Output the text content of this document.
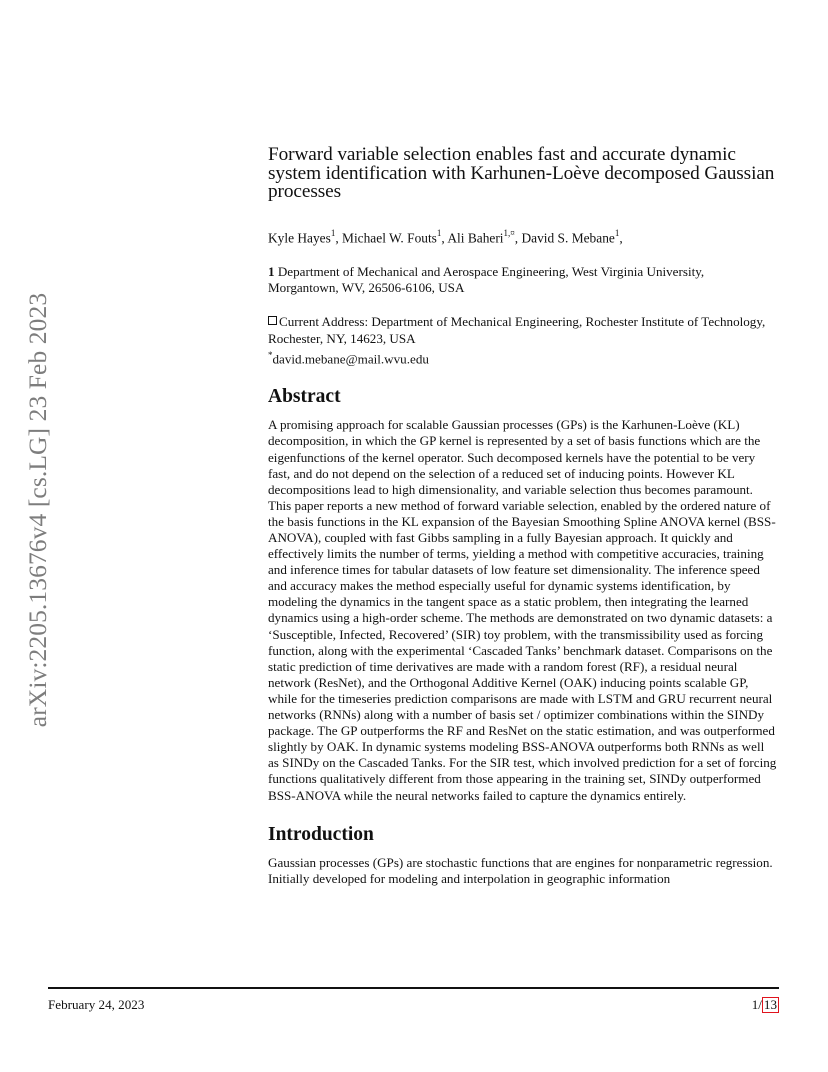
arXiv:2205.13676v4 [cs.LG] 23 Feb 2023
Forward variable selection enables fast and accurate dynamic system identification with Karhunen-Loève decomposed Gaussian processes
Kyle Hayes$^1$, Michael W. Fouts$^1$, Ali Baheri$^{1,¤}$, David S. Mebane$^1$,
1 Department of Mechanical and Aerospace Engineering, West Virginia University, Morgantown, WV, 26506-6106, USA
Current Address: Department of Mechanical Engineering, Rochester Institute of Technology, Rochester, NY, 14623, USA
*david.mebane@mail.wvu.edu
Abstract

A promising approach for scalable Gaussian processes (GPs) is the Karhunen-Loève (KL) decomposition, in which the GP kernel is represented by a set of basis functions which are the eigenfunctions of the kernel operator. Such decomposed kernels have the potential to be very fast, and do not depend on the selection of a reduced set of inducing points. However KL decompositions lead to high dimensionality, and variable selection thus becomes paramount. This paper reports a new method of forward variable selection, enabled by the ordered nature of the basis functions in the KL expansion of the Bayesian Smoothing Spline ANOVA kernel (BSS-ANOVA), coupled with fast Gibbs sampling in a fully Bayesian approach. It quickly and effectively limits the number of terms, yielding a method with competitive accuracies, training and inference times for tabular datasets of low feature set dimensionality. The inference speed and accuracy makes the method especially useful for dynamic systems identification, by modeling the dynamics in the tangent space as a static problem, then integrating the learned dynamics using a high-order scheme. The methods are demonstrated on two dynamic datasets: a ‘Susceptible, Infected, Recovered’ (SIR) toy problem, with the transmissibility used as forcing function, along with the experimental ‘Cascaded Tanks’ benchmark dataset. Comparisons on the static prediction of time derivatives are made with a random forest (RF), a residual neural network (ResNet), and the Orthogonal Additive Kernel (OAK) inducing points scalable GP, while for the timeseries prediction comparisons are made with LSTM and GRU recurrent neural networks (RNNs) along with a number of basis set / optimizer combinations within the SINDy package. The GP outperforms the RF and ResNet on the static estimation, and was outperformed slightly by OAK. In dynamic systems modeling BSS-ANOVA outperforms both RNNs as well as SINDy on the Cascaded Tanks. For the SIR test, which involved prediction for a set of forcing functions qualitatively different from those appearing in the training set, SINDy outperformed BSS-ANOVA while the neural networks failed to capture the dynamics entirely.

Introduction

Gaussian processes (GPs) are stochastic functions that are engines for nonparametric regression. Initially developed for modeling and interpolation in geographic information

February 24, 2023	1/ 13
